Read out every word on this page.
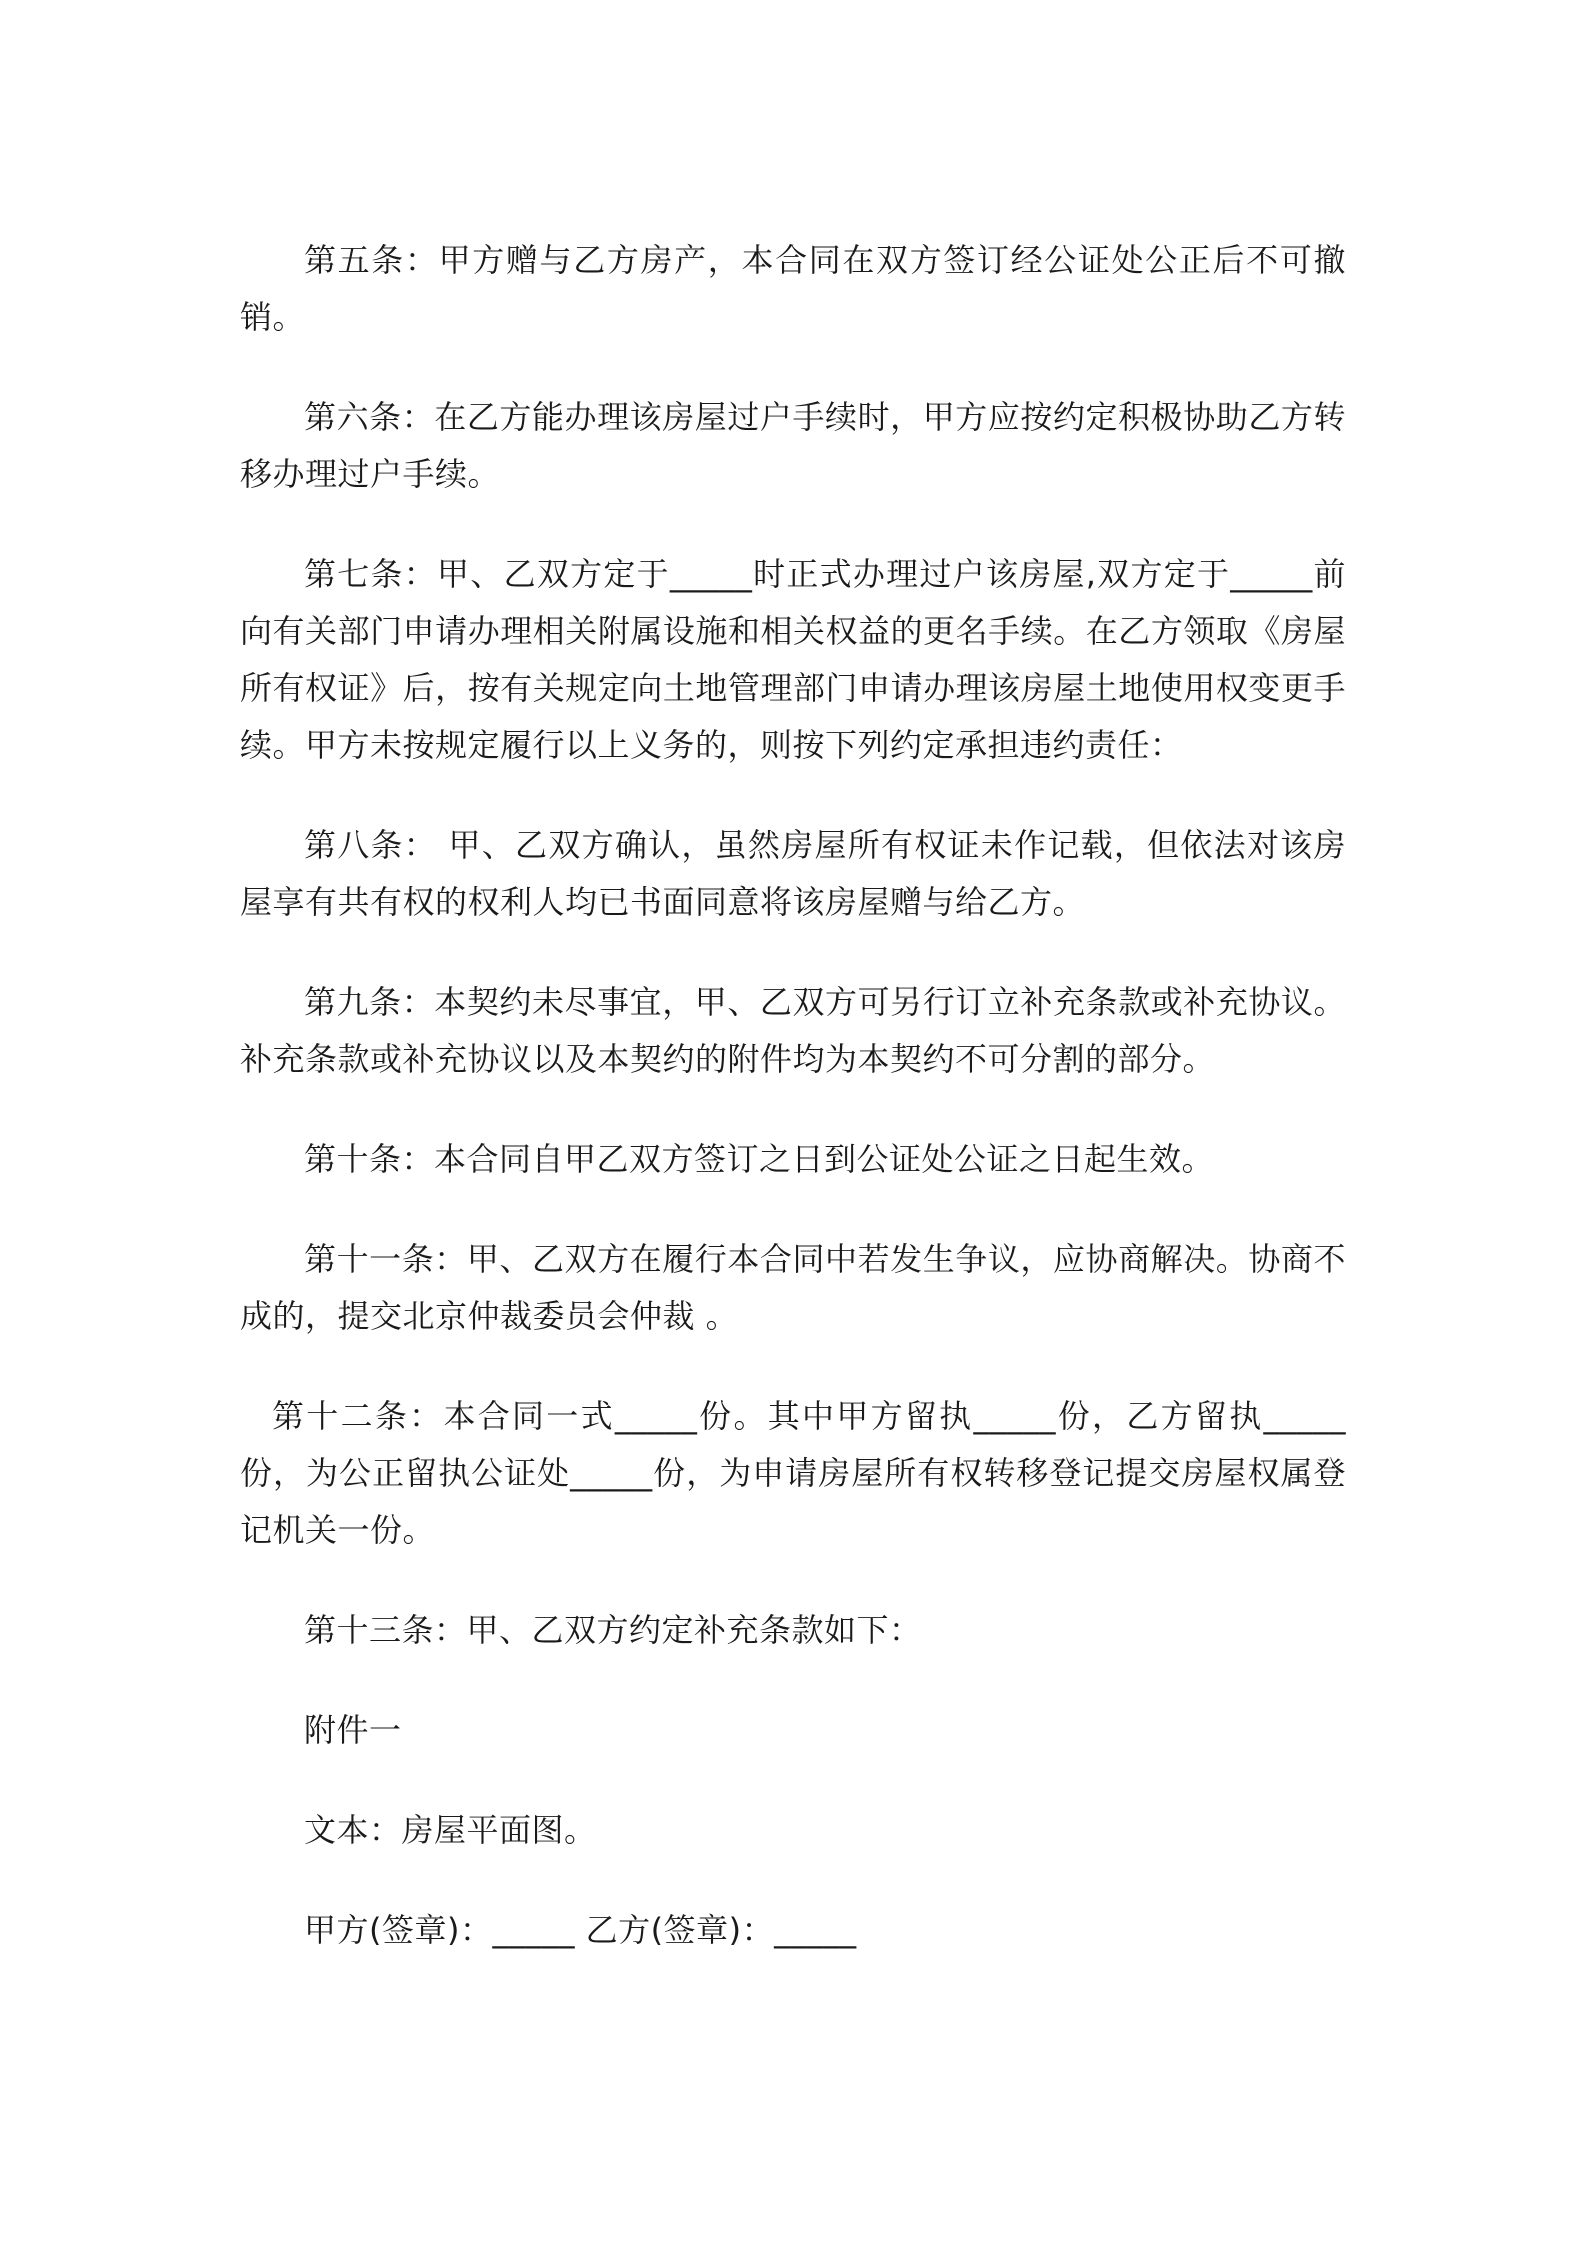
第五条：甲方赠与乙方房产，本合同在双方签订经公证处公正后不可撤销。

第六条：在乙方能办理该房屋过户手续时，甲方应按约定积极协助乙方转移办理过户手续。

第七条：甲、乙双方定于_____时正式办理过户该房屋,双方定于_____前向有关部门申请办理相关附属设施和相关权益的更名手续。在乙方领取《房屋所有权证》后，按有关规定向土地管理部门申请办理该房屋土地使用权变更手续。甲方未按规定履行以上义务的，则按下列约定承担违约责任：

第八条： 甲、乙双方确认，虽然房屋所有权证未作记载，但依法对该房屋享有共有权的权利人均已书面同意将该房屋赠与给乙方。

第九条：本契约未尽事宜，甲、乙双方可另行订立补充条款或补充协议。补充条款或补充协议以及本契约的附件均为本契约不可分割的部分。

第十条：本合同自甲乙双方签订之日到公证处公证之日起生效。

第十一条：甲、乙双方在履行本合同中若发生争议，应协商解决。协商不成的，提交北京仲裁委员会仲裁 。

第十二条：本合同一式_____份。其中甲方留执_____份，乙方留执_____份，为公正留执公证处_____份，为申请房屋所有权转移登记提交房屋权属登记机关一份。

第十三条：甲、乙双方约定补充条款如下：

附件一

文本：房屋平面图。

甲方(签章)：_____ 乙方(签章)：_____
